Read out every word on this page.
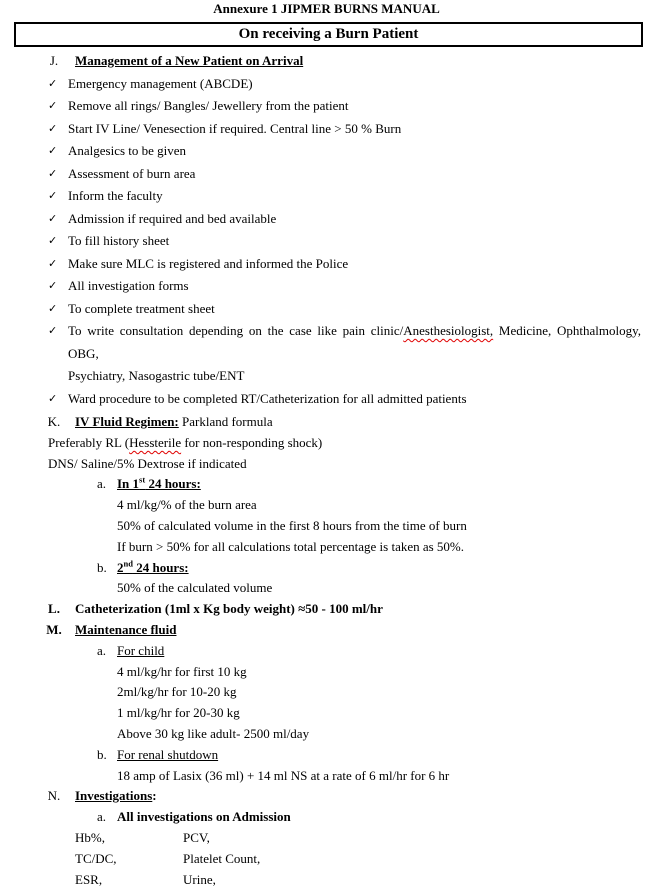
Annexure 1 JIPMER BURNS MANUAL
On receiving a Burn Patient
J.	Management of a New Patient on Arrival
✓ Emergency management (ABCDE)
✓ Remove all rings/ Bangles/ Jewellery from the patient
✓ Start IV Line/ Venesection if required. Central line > 50 % Burn
✓ Analgesics to be given
✓ Assessment of burn area
✓ Inform the faculty
✓ Admission if required and bed available
✓ To fill history sheet
✓ Make sure MLC is registered and informed the Police
✓ All investigation forms
✓ To complete treatment sheet
✓ To write consultation depending on the case like pain clinic/Anesthesiologist, Medicine, Ophthalmology, OBG,
Psychiatry, Nasogastric tube/ENT
✓ Ward procedure to be completed RT/Catheterization for all admitted patients
K.	IV Fluid Regimen: Parkland formula
Preferably RL (Hessterile for non-responding shock)
DNS/ Saline/5% Dextrose if indicated
a. In 1st 24 hours:
4 ml/kg/% of the burn area
50% of calculated volume in the first 8 hours from the time of burn
If burn > 50% for all calculations total percentage is taken as 50%.
b. 2nd 24 hours:
50% of the calculated volume
L.	Catheterization (1ml x Kg body weight) ≈50 - 100 ml/hr
M.	Maintenance fluid
a. For child
4 ml/kg/hr for first 10 kg
2ml/kg/hr for 10-20 kg
1 ml/kg/hr for 20-30 kg
Above 30 kg like adult- 2500 ml/day
b. For renal shutdown
18 amp of Lasix (36 ml) + 14 ml NS at a rate of 6 ml/hr for 6 hr
N.	Investigations:
a. All investigations on Admission
Hb%,	PCV,
TC/DC,	Platelet Count,
ESR,	Urine,
